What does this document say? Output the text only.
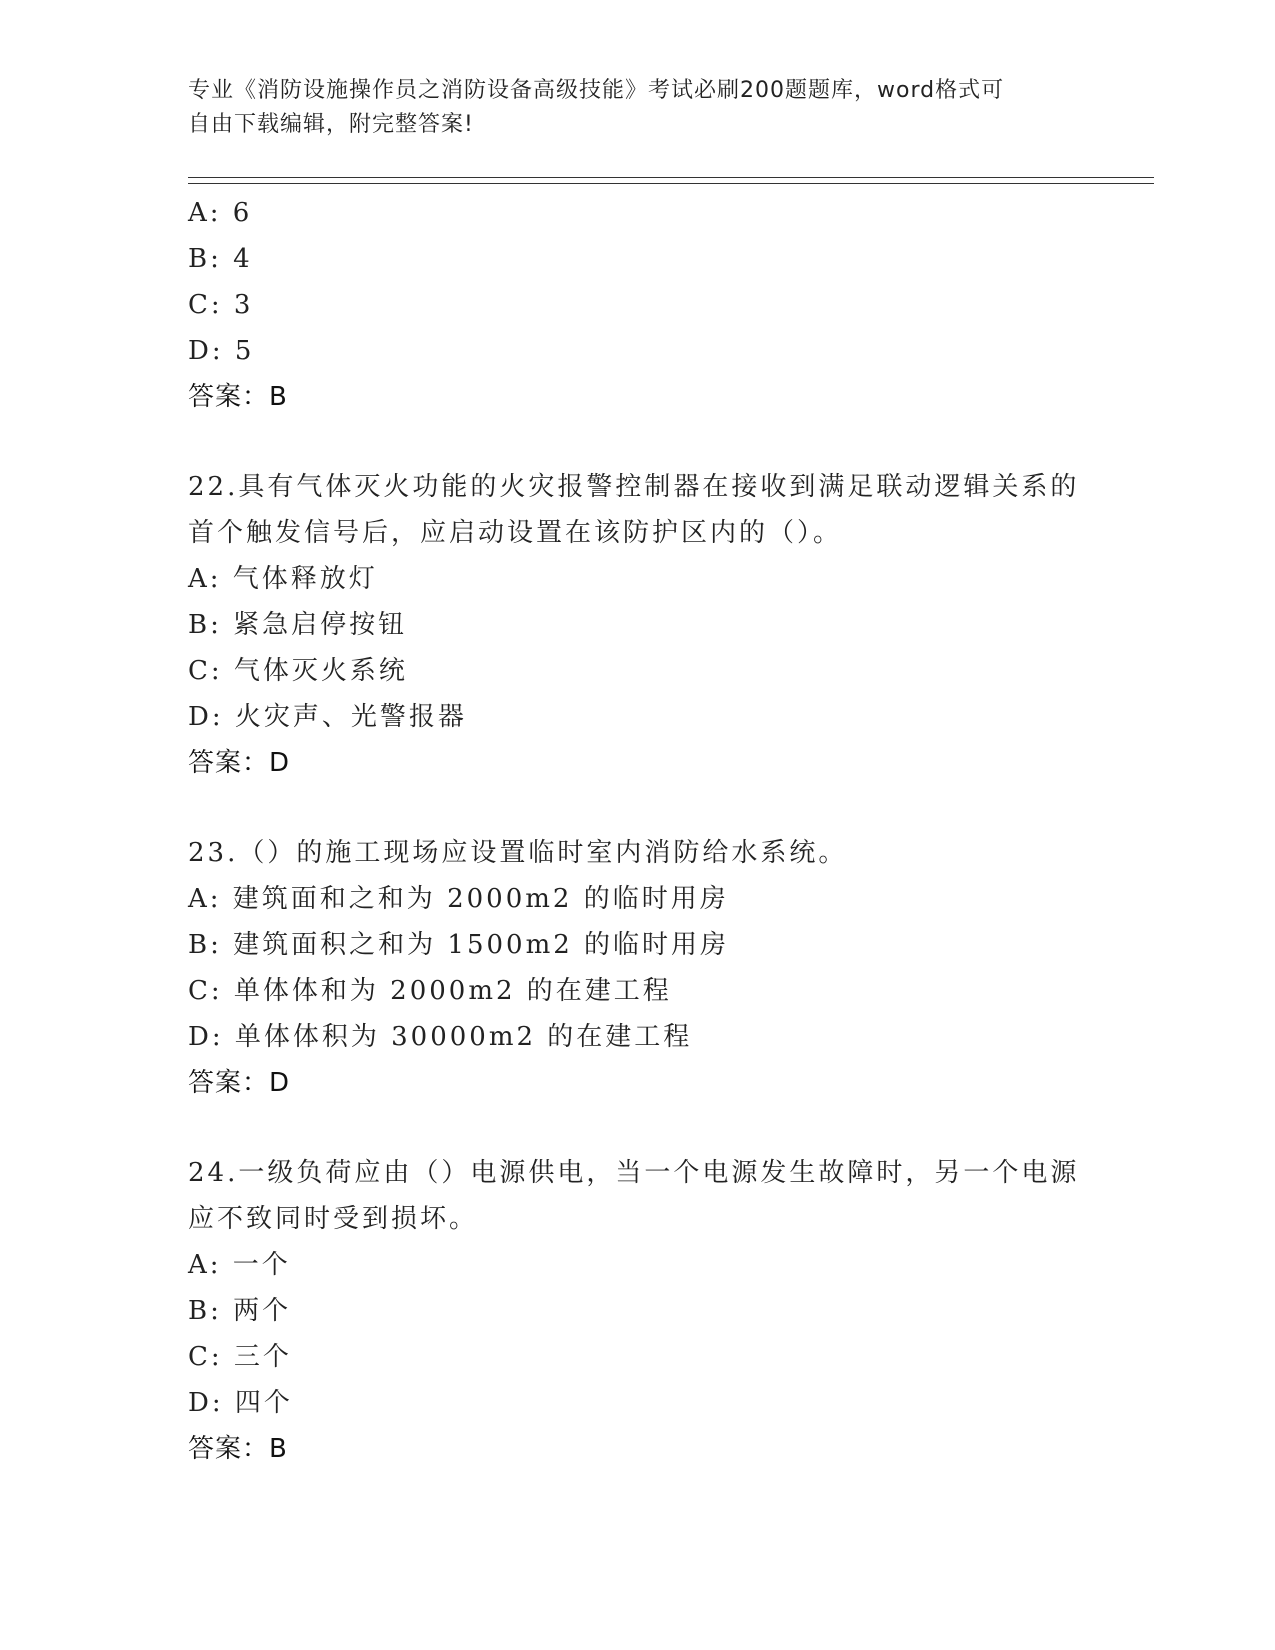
专业《消防设施操作员之消防设备高级技能》考试必刷200题题库，word格式可
自由下载编辑，附完整答案!
A: 6
B: 4
C: 3
D: 5
答案：B
22.具有气体灭火功能的火灾报警控制器在接收到满足联动逻辑关系的
首个触发信号后，应启动设置在该防护区内的（）。
A: 气体释放灯
B: 紧急启停按钮
C: 气体灭火系统
D: 火灾声、光警报器
答案：D
23.（）的施工现场应设置临时室内消防给水系统。
A: 建筑面和之和为 2000m2 的临时用房
B: 建筑面积之和为 1500m2 的临时用房
C: 单体体和为 2000m2 的在建工程
D: 单体体积为 30000m2 的在建工程
答案：D
24.一级负荷应由（）电源供电，当一个电源发生故障时，另一个电源
应不致同时受到损坏。
A: 一个
B: 两个
C: 三个
D: 四个
答案：B
